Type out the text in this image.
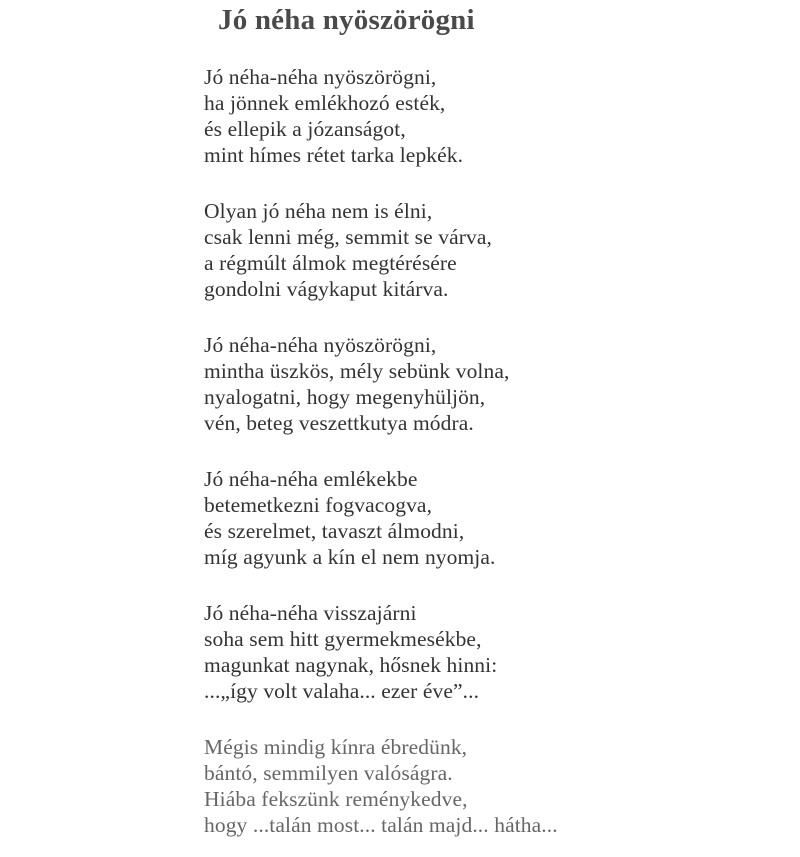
Jó néha nyöszörögni
Jó néha-néha nyöszörögni,
ha jönnek emlékhozó esték,
és ellepik a józanságot,
mint hímes rétet tarka lepkék.
Olyan jó néha nem is élni,
csak lenni még, semmit se várva,
a régmúlt álmok megtérésére
gondolni vágykaput kitárva.
Jó néha-néha nyöszörögni,
mintha üszkös, mély sebünk volna,
nyalogatni, hogy megenyhüljön,
vén, beteg veszettkutya módra.
Jó néha-néha emlékekbe
betemetkezni fogvacogva,
és szerelmet, tavaszt álmodni,
míg agyunk a kín el nem nyomja.
Jó néha-néha visszajárni
soha sem hitt gyermekmesékbe,
magunkat nagynak, hősnek hinni:
...„így volt valaha... ezer éve”...
Mégis mindig kínra ébredünk,
bántó, semmilyen valóságra.
Hiába fekszünk reménykedve,
hogy ...talán most... talán majd... hátha...
